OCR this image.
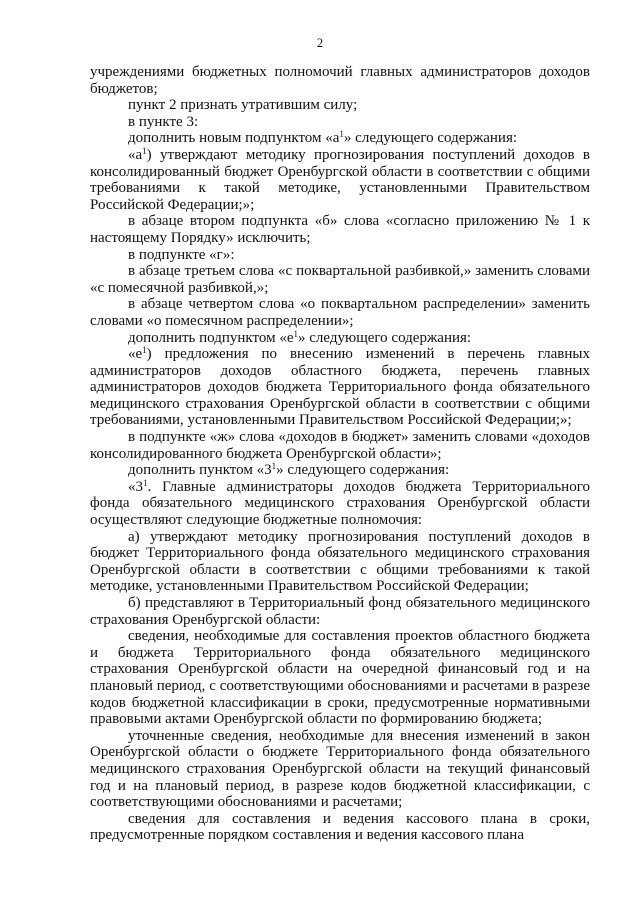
2

учреждениями бюджетных полномочий главных администраторов доходов бюджетов;

пункт 2 признать утратившим силу;

в пункте 3:

дополнить новым подпунктом «$а^1$» следующего содержания:

«$а^1$) утверждают методику прогнозирования поступлений доходов в консолидированный бюджет Оренбургской области в соответствии с общими требованиями к такой методике, установленными Правительством Российской Федерации;»;

в абзаце втором подпункта «б» слова «согласно приложению № 1 к настоящему Порядку» исключить;

в подпункте «г»:

в абзаце третьем слова «с поквартальной разбивкой,» заменить словами «с помесячной разбивкой,»;

в абзаце четвертом слова «о поквартальном распределении» заменить словами «о помесячном распределении»;

дополнить подпунктом «$е^1$» следующего содержания:

«$е^1$) предложения по внесению изменений в перечень главных администраторов доходов областного бюджета, перечень главных администраторов доходов бюджета Территориального фонда обязательного медицинского страхования Оренбургской области в соответствии с общими требованиями, установленными Правительством Российской Федерации;»;

в подпункте «ж» слова «доходов в бюджет» заменить словами «доходов консолидированного бюджета Оренбургской области»;

дополнить пунктом «$3^1$» следующего содержания:

«$3^1$. Главные администраторы доходов бюджета Территориального фонда обязательного медицинского страхования Оренбургской области осуществляют следующие бюджетные полномочия:

а) утверждают методику прогнозирования поступлений доходов в бюджет Территориального фонда обязательного медицинского страхования Оренбургской области в соответствии с общими требованиями к такой методике, установленными Правительством Российской Федерации;

б) представляют в Территориальный фонд обязательного медицинского страхования Оренбургской области:

сведения, необходимые для составления проектов областного бюджета и бюджета Территориального фонда обязательного медицинского страхования Оренбургской области на очередной финансовый год и на плановый период, с соответствующими обоснованиями и расчетами в разрезе кодов бюджетной классификации в сроки, предусмотренные нормативными правовыми актами Оренбургской области по формированию бюджета;

уточненные сведения, необходимые для внесения изменений в закон Оренбургской области о бюджете Территориального фонда обязательного медицинского страхования Оренбургской области на текущий финансовый год и на плановый период, в разрезе кодов бюджетной классификации, с соответствующими обоснованиями и расчетами;

сведения для составления и ведения кассового плана в сроки, предусмотренные порядком составления и ведения кассового плана
